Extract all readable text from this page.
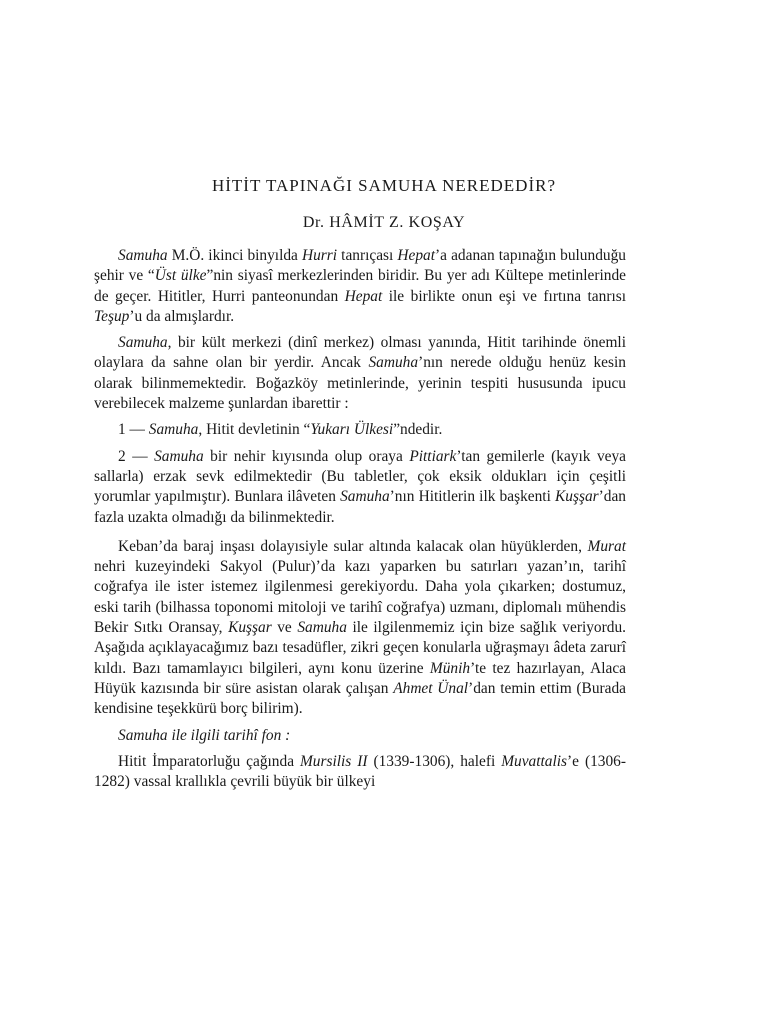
HİTİT TAPINAĞI SAMUHA NEREDEDİR?
Dr. HÂMİT Z. KOŞAY

Samuha M.Ö. ikinci binyılda Hurri tanrıçası Hepat’a adanan tapınağın bulunduğu şehir ve “Üst ülke”nin siyasî merkezlerinden biridir. Bu yer adı Kültepe metinlerinde de geçer. Hititler, Hurri panteonundan Hepat ile birlikte onun eşi ve fırtına tanrısı Teşup’u da almışlardır.

Samuha, bir kült merkezi (dinî merkez) olması yanında, Hitit tarihinde önemli olaylara da sahne olan bir yerdir. Ancak Samuha’nın nerede olduğu henüz kesin olarak bilinmemektedir. Boğazköy metinlerinde, yerinin tespiti hususunda ipucu verebilecek malzeme şunlardan ibarettir :

1 — Samuha, Hitit devletinin “Yukarı Ülkesi”ndedir.

2 — Samuha bir nehir kıyısında olup oraya Pittiark’tan gemilerle (kayık veya sallarla) erzak sevk edilmektedir (Bu tabletler, çok eksik oldukları için çeşitli yorumlar yapılmıştır). Bunlara ilâveten Samuha’nın Hititlerin ilk başkenti Kuşşar’dan fazla uzakta olmadığı da bilinmektedir.

Keban’da baraj inşası dolayısiyle sular altında kalacak olan hüyüklerden, Murat nehri kuzeyindeki Sakyol (Pulur)’da kazı yaparken bu satırları yazan’ın, tarihî coğrafya ile ister istemez ilgilenmesi gerekiyordu. Daha yola çıkarken; dostumuz, eski tarih (bilhassa toponomi mitoloji ve tarihî coğrafya) uzmanı, diplomalı mühendis Bekir Sıtkı Oransay, Kuşşar ve Samuha ile ilgilenmemiz için bize sağlık veriyordu. Aşağıda açıklayacağımız bazı tesadüfler, zikri geçen konularla uğraşmayı âdeta zarurî kıldı. Bazı tamamlayıcı bilgileri, aynı konu üzerine Münih’te tez hazırlayan, Alaca Hüyük kazısında bir süre asistan olarak çalışan Ahmet Ünal’dan temin ettim (Burada kendisine teşekkürü borç bilirim).

Samuha ile ilgili tarihî fon :

Hitit İmparatorluğu çağında Mursilis II (1339-1306), halefi Muvattalis’e (1306-1282) vassal krallıkla çevrili büyük bir ülkeyi
